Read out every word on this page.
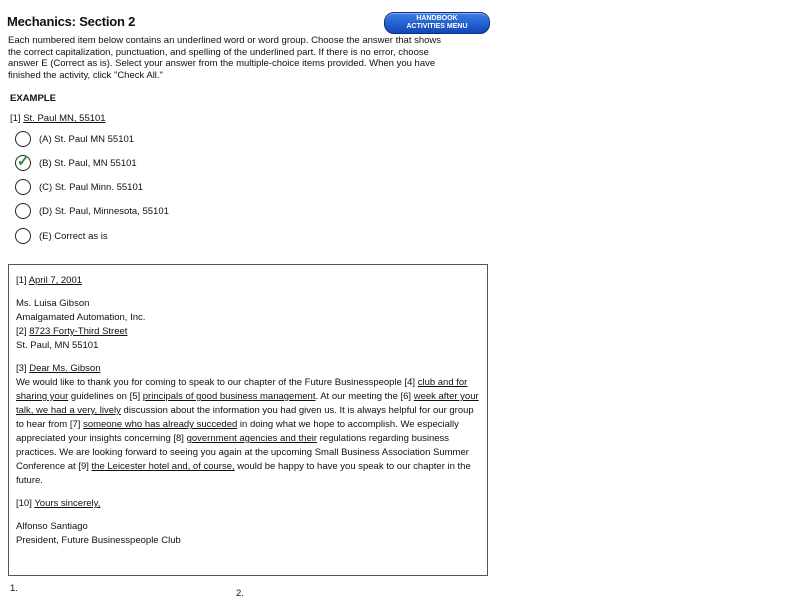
Mechanics: Section 2	HANDBOOK
ACTIVITIES MENU
Each numbered item below contains an underlined word or word group. Choose the answer that shows the correct capitalization, punctuation, and spelling of the underlined part. If there is no error, choose answer E (Correct as is). Select your answer from the multiple-choice items provided. When you have finished the activity, click "Check All."
EXAMPLE
[1] St. Paul MN, 55101
(A) St. Paul MN 55101
✓ (B) St. Paul, MN 55101
(C) St. Paul Minn. 55101
(D) St. Paul, Minnesota, 55101
(E) Correct as is

[1] April 7, 2001

Ms. Luisa Gibson

Amalgamated Automation, Inc.

[2] 8723 Forty-Third Street

St. Paul, MN 55101

[3] Dear Ms. Gibson

We would like to thank you for coming to speak to our chapter of the Future Businesspeople [4] club and for sharing your guidelines on [5] principals of good business management. At our meeting the [6] week after your talk, we had a very, lively discussion about the information you had given us. It is always helpful for our group to hear from [7] someone who has already succeded in doing what we hope to accomplish. We especially appreciated your insights concerning [8] government agencies and their regulations regarding business practices. We are looking forward to seeing you again at the upcoming Small Business Association Summer Conference at [9] the Leicester hotel and, of course, would be happy to have you speak to our chapter in the future.

[10] Yours sincerely,

Alfonso Santiago

President, Future Businesspeople Club

1.	2.
